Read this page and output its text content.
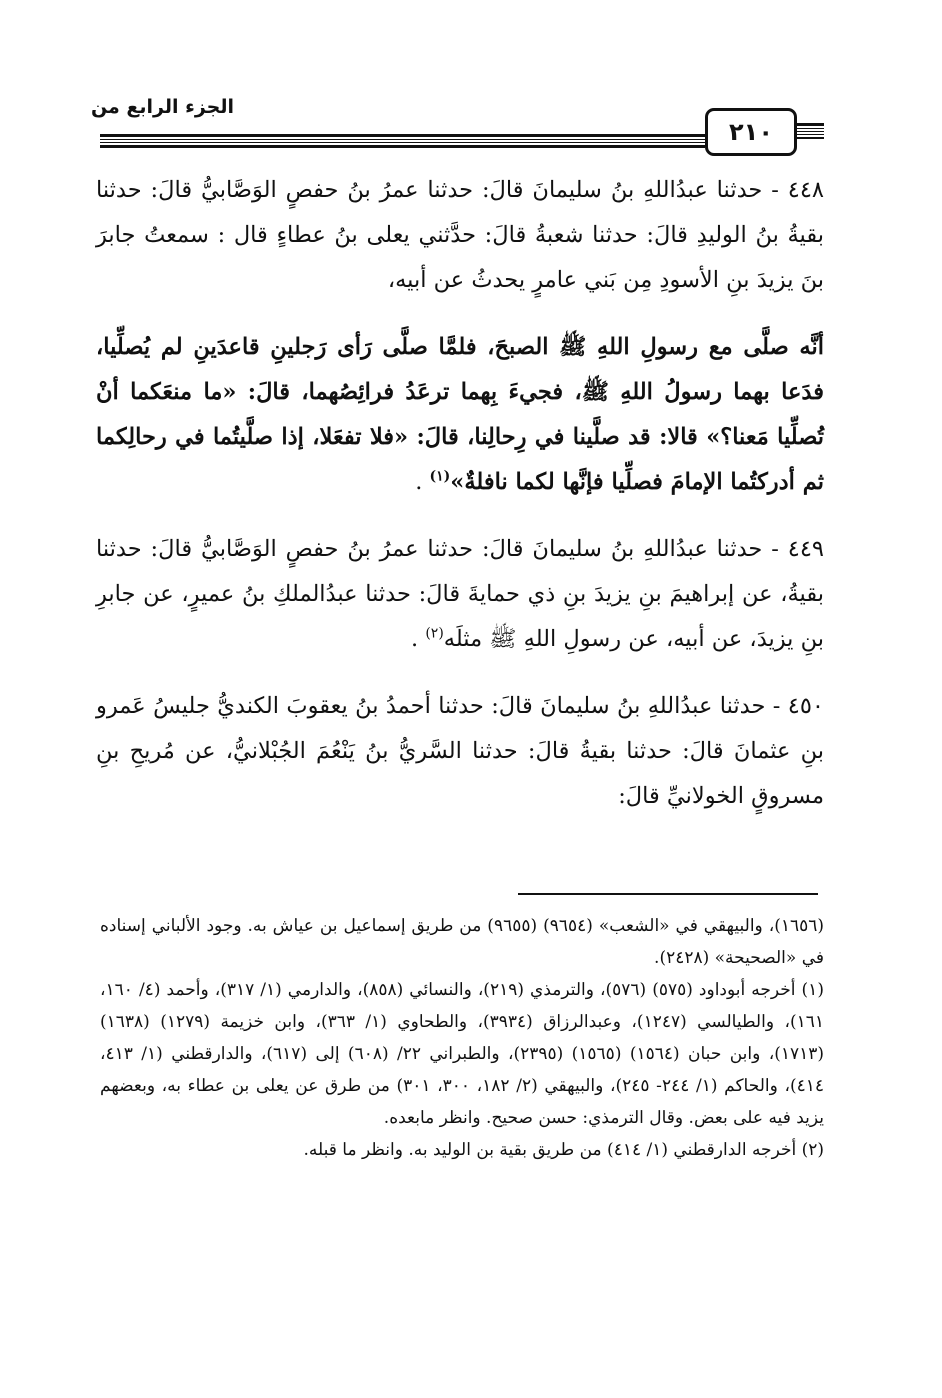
الجزء الرابع من
٢١٠

٤٤٨ - حدثنا عبدُاللهِ بنُ سليمانَ قالَ: حدثنا عمرُ بنُ حفصٍ الوَصَّابيُّ قالَ: حدثنا بقيةُ بنُ الوليدِ قالَ: حدثنا شعبةُ قالَ: حدَّثني يعلى بنُ عطاءٍ قال : سمعتُ جابرَ بنَ يزيدَ بنِ الأسودِ مِن بَني عامرٍ يحدثُ عن أبيه،

أنَّه صلَّى مع رسولِ اللهِ ﷺ الصبحَ، فلمَّا صلَّى رَأى رَجلينِ قاعدَينِ لم يُصلِّيا، فدَعا بهما رسولُ اللهِ ﷺ، فجيءَ بِهما ترعَدُ فرائِصُهما، قالَ: «ما منعَكما أنْ تُصلِّيا مَعنا؟» قالا: قد صلَّينا في رِحالِنا، قالَ: «فلا تفعَلا، إذا صلَّيتُما في رحالِكما ثم أدركتُما الإمامَ فصلِّيا فإنَّها لكما نافلةٌ»$^{(١)}$ .

٤٤٩ - حدثنا عبدُاللهِ بنُ سليمانَ قالَ: حدثنا عمرُ بنُ حفصٍ الوَصَّابيُّ قالَ: حدثنا بقيةُ، عن إبراهيمَ بنِ يزيدَ بنِ ذي حمايةَ قالَ: حدثنا عبدُالملكِ بنُ عميرٍ، عن جابرِ بنِ يزيدَ، عن أبيه، عن رسولِ اللهِ ﷺ مثلَه$^{(٢)}$ .

٤٥٠ - حدثنا عبدُاللهِ بنُ سليمانَ قالَ: حدثنا أحمدُ بنُ يعقوبَ الكنديُّ جليسُ عَمرو بنِ عثمانَ قالَ: حدثنا بقيةُ قالَ: حدثنا السَّريُّ بنُ يَنْعُمَ الجُبْلانيُّ، عن مُريحِ بنِ مسروقٍ الخولانيِّ قالَ:

(١٦٥٦)، والبيهقي في «الشعب» (٩٦٥٤) (٩٦٥٥) من طريق إسماعيل بن عياش به. وجود الألباني إسناده في «الصحيحة» (٢٤٢٨).

(١) أخرجه أبوداود (٥٧٥) (٥٧٦)، والترمذي (٢١٩)، والنسائي (٨٥٨)، والدارمي (١/ ٣١٧)، وأحمد (٤/ ١٦٠، ١٦١)، والطيالسي (١٢٤٧)، وعبدالرزاق (٣٩٣٤)، والطحاوي (١/ ٣٦٣)، وابن خزيمة (١٢٧٩) (١٦٣٨) (١٧١٣)، وابن حبان (١٥٦٤) (١٥٦٥) (٢٣٩٥)، والطبراني ٢٢/ (٦٠٨) إلى (٦١٧)، والدارقطني (١/ ٤١٣، ٤١٤)، والحاكم (١/ ٢٤٤- ٢٤٥)، والبيهقي (٢/ ١٨٢، ٣٠٠، ٣٠١) من طرق عن يعلى بن عطاء به، وبعضهم يزيد فيه على بعض. وقال الترمذي: حسن صحيح. وانظر مابعده.

(٢) أخرجه الدارقطني (١/ ٤١٤) من طريق بقية بن الوليد به. وانظر ما قبله.
